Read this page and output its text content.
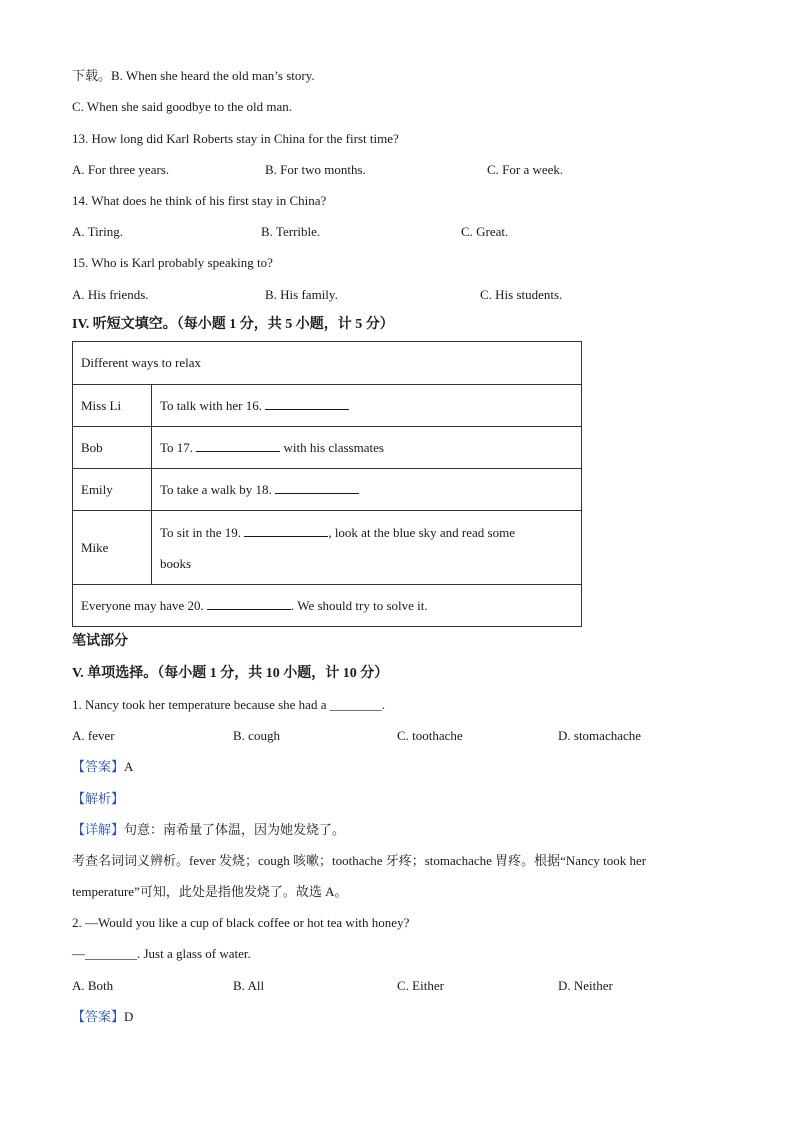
下载。B. When she heard the old man’s story.
C. When she said goodbye to the old man.
13. How long did Karl Roberts stay in China for the first time?
A. For three years.	B. For two months.	C. For a week.
14. What does he think of his first stay in China?
A. Tiring.	B. Terrible.	C. Great.
15. Who is Karl probably speaking to?
A. His friends.	B. His family.	C. His students.
IV. 听短文填空。（每小题 1 分，共 5 小题，计 5 分）
Different ways to relax	
Miss Li	To talk with her 16.
Bob	To 17. with his classmates
Emily	To take a walk by 18.
Mike	To sit in the 19. , look at the blue sky and read some
books
Everyone may have 20. . We should try to solve it.	
笔试部分
V. 单项选择。（每小题 1 分，共 10 小题，计 10 分）
1. Nancy took her temperature because she had a ________.
A. fever	B. cough	C. toothache	D. stomachache
【答案】A
【解析】
【详解】句意：南希量了体温，因为她发烧了。
考查名词词义辨析。fever 发烧；cough 咳嗽；toothache 牙疼；stomachache 胃疼。根据“Nancy took her
temperature”可知，此处是指他发烧了。故选 A。
2. —Would you like a cup of black coffee or hot tea with honey?
—________. Just a glass of water.
A. Both	B. All	C. Either	D. Neither
【答案】D
